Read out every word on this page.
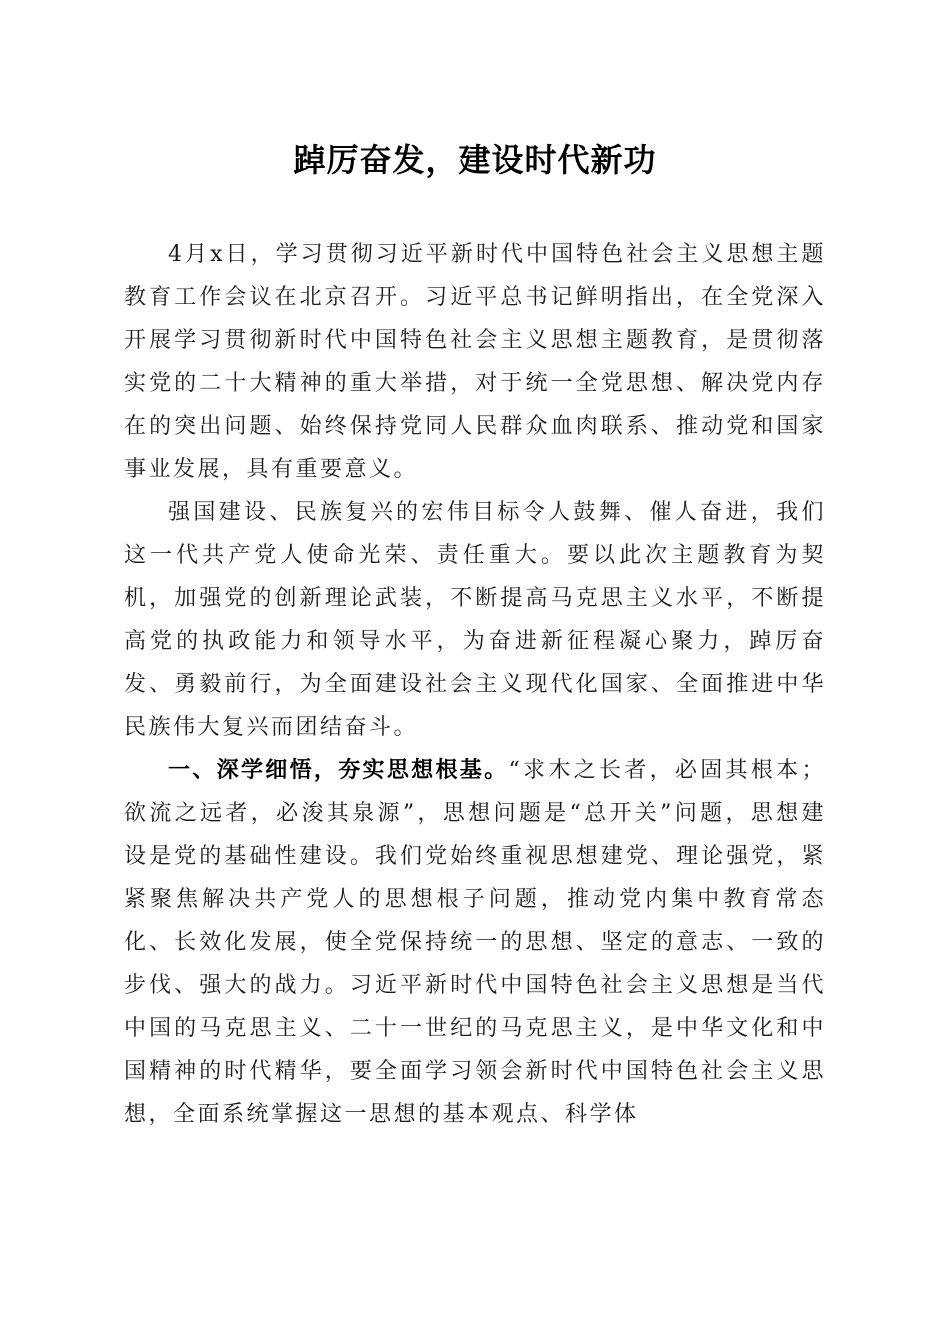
踔厉奋发，建设时代新功

4月x日，学习贯彻习近平新时代中国特色社会主义思想主题教育工作会议在北京召开。习近平总书记鲜明指出，在全党深入开展学习贯彻新时代中国特色社会主义思想主题教育，是贯彻落实党的二十大精神的重大举措，对于统一全党思想、解决党内存在的突出问题、始终保持党同人民群众血肉联系、推动党和国家事业发展，具有重要意义。

强国建设、民族复兴的宏伟目标令人鼓舞、催人奋进，我们这一代共产党人使命光荣、责任重大。要以此次主题教育为契机，加强党的创新理论武装，不断提高马克思主义水平，不断提高党的执政能力和领导水平，为奋进新征程凝心聚力，踔厉奋发、勇毅前行，为全面建设社会主义现代化国家、全面推进中华民族伟大复兴而团结奋斗。

一、深学细悟，夯实思想根基。“求木之长者，必固其根本；欲流之远者，必浚其泉源”，思想问题是“总开关”问题，思想建设是党的基础性建设。我们党始终重视思想建党、理论强党，紧紧聚焦解决共产党人的思想根子问题，推动党内集中教育常态化、长效化发展，使全党保持统一的思想、坚定的意志、一致的步伐、强大的战力。习近平新时代中国特色社会主义思想是当代中国的马克思主义、二十一世纪的马克思主义，是中华文化和中国精神的时代精华，要全面学习领会新时代中国特色社会主义思想，全面系统掌握这一思想的基本观点、科学体
